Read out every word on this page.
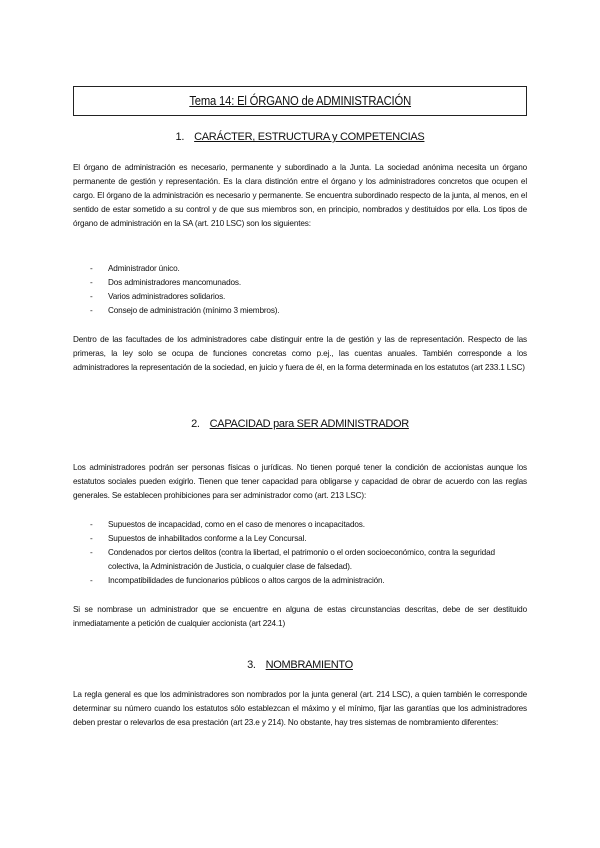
Tema 14: El ÓRGANO de ADMINISTRACIÓN
1. CARÁCTER, ESTRUCTURA y COMPETENCIAS
El órgano de administración es necesario, permanente y subordinado a la Junta. La sociedad anónima necesita un órgano permanente de gestión y representación. Es la clara distinción entre el órgano y los administradores concretos que ocupen el cargo. El órgano de la administración es necesario y permanente. Se encuentra subordinado respecto de la junta, al menos, en el sentido de estar sometido a su control y de que sus miembros son, en principio, nombrados y destituidos por ella. Los tipos de órgano de administración en la SA (art. 210 LSC) son los siguientes:
- Administrador único.
- Dos administradores mancomunados.
- Varios administradores solidarios.
- Consejo de administración (mínimo 3 miembros).
Dentro de las facultades de los administradores cabe distinguir entre la de gestión y las de representación. Respecto de las primeras, la ley solo se ocupa de funciones concretas como p.ej., las cuentas anuales. También corresponde a los administradores la representación de la sociedad, en juicio y fuera de él, en la forma determinada en los estatutos (art 233.1 LSC)
2. CAPACIDAD para SER ADMINISTRADOR
Los administradores podrán ser personas físicas o jurídicas. No tienen porqué tener la condición de accionistas aunque los estatutos sociales pueden exigirlo. Tienen que tener capacidad para obligarse y capacidad de obrar de acuerdo con las reglas generales. Se establecen prohibiciones para ser administrador como (art. 213 LSC):
- Supuestos de incapacidad, como en el caso de menores o incapacitados.
- Supuestos de inhabilitados conforme a la Ley Concursal.
- Condenados por ciertos delitos (contra la libertad, el patrimonio o el orden socioeconómico, contra la seguridad colectiva, la Administración de Justicia, o cualquier clase de falsedad).
- Incompatibilidades de funcionarios públicos o altos cargos de la administración.
Si se nombrase un administrador que se encuentre en alguna de estas circunstancias descritas, debe de ser destituido inmediatamente a petición de cualquier accionista (art 224.1)
3. NOMBRAMIENTO
La regla general es que los administradores son nombrados por la junta general (art. 214 LSC), a quien también le corresponde determinar su número cuando los estatutos sólo establezcan el máximo y el mínimo, fijar las garantías que los administradores deben prestar o relevarlos de esa prestación (art 23.e y 214). No obstante, hay tres sistemas de nombramiento diferentes:
